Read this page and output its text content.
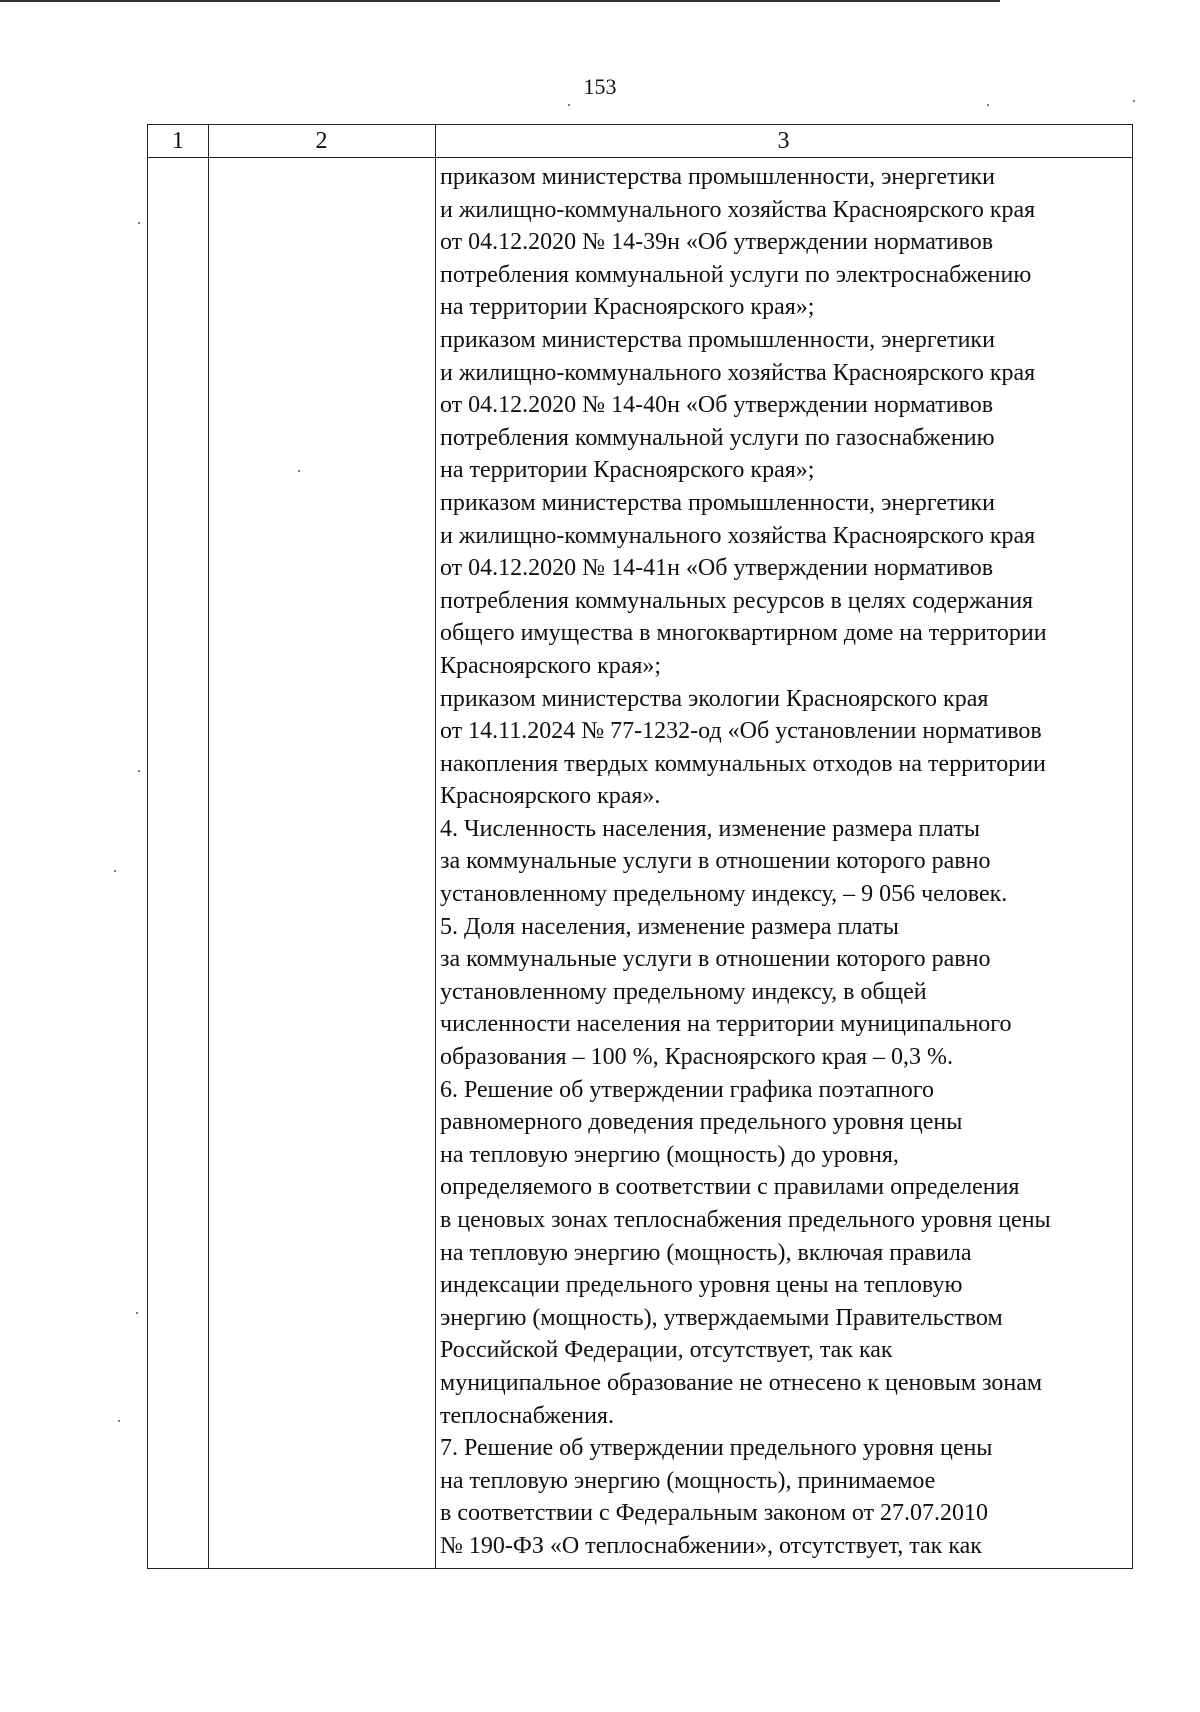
153
1	2	3
приказом министерства промышленности, энергетики
и жилищно-коммунального хозяйства Красноярского края
от 04.12.2020 № 14-39н «Об утверждении нормативов
потребления коммунальной услуги по электроснабжению
на территории Красноярского края»;
приказом министерства промышленности, энергетики
и жилищно-коммунального хозяйства Красноярского края
от 04.12.2020 № 14-40н «Об утверждении нормативов
потребления коммунальной услуги по газоснабжению
на территории Красноярского края»;
приказом министерства промышленности, энергетики
и жилищно-коммунального хозяйства Красноярского края
от 04.12.2020 № 14-41н «Об утверждении нормативов
потребления коммунальных ресурсов в целях содержания
общего имущества в многоквартирном доме на территории
Красноярского края»;
приказом министерства экологии Красноярского края
от 14.11.2024 № 77-1232-од «Об установлении нормативов
накопления твердых коммунальных отходов на территории
Красноярского края».
4. Численность населения, изменение размера платы
за коммунальные услуги в отношении которого равно
установленному предельному индексу, – 9 056 человек.
5. Доля населения, изменение размера платы
за коммунальные услуги в отношении которого равно
установленному предельному индексу, в общей
численности населения на территории муниципального
образования – 100 %, Красноярского края – 0,3 %.
6. Решение об утверждении графика поэтапного
равномерного доведения предельного уровня цены
на тепловую энергию (мощность) до уровня,
определяемого в соответствии с правилами определения
в ценовых зонах теплоснабжения предельного уровня цены
на тепловую энергию (мощность), включая правила
индексации предельного уровня цены на тепловую
энергию (мощность), утверждаемыми Правительством
Российской Федерации, отсутствует, так как
муниципальное образование не отнесено к ценовым зонам
теплоснабжения.
7. Решение об утверждении предельного уровня цены
на тепловую энергию (мощность), принимаемое
в соответствии с Федеральным законом от 27.07.2010
№ 190-ФЗ «О теплоснабжении», отсутствует, так как
